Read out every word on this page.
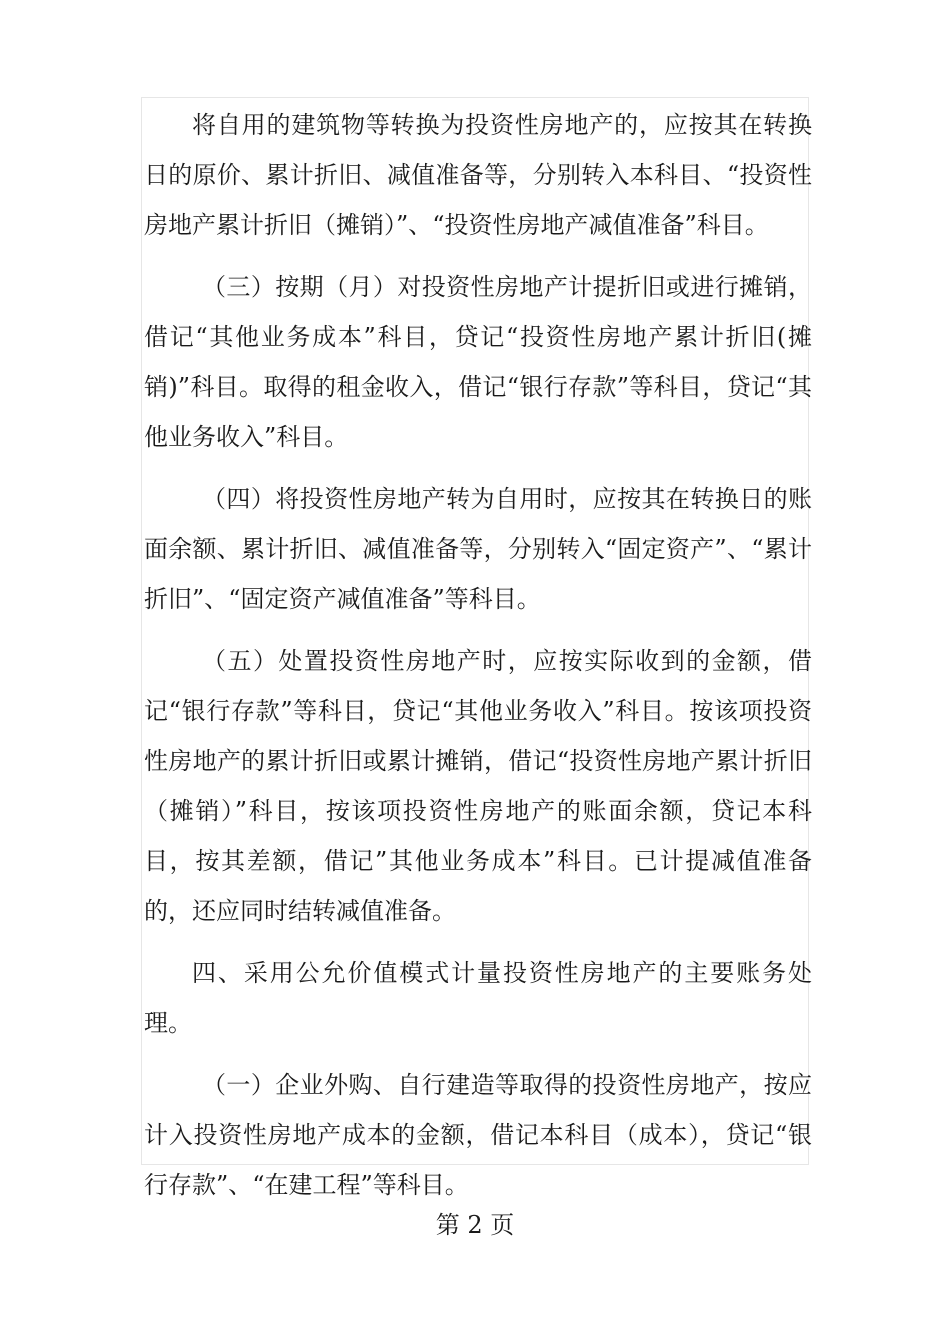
将自用的建筑物等转换为投资性房地产的，应按其在转换日的原价、累计折旧、减值准备等，分别转入本科目、“投资性房地产累计折旧（摊销）”、“投资性房地产减值准备”科目。

（三）按期（月）对投资性房地产计提折旧或进行摊销，借记“其他业务成本”科目，贷记“投资性房地产累计折旧(摊销)”科目。取得的租金收入，借记“银行存款”等科目，贷记“其他业务收入”科目。

（四）将投资性房地产转为自用时，应按其在转换日的账面余额、累计折旧、减值准备等，分别转入“固定资产”、“累计折旧”、“固定资产减值准备”等科目。

（五）处置投资性房地产时，应按实际收到的金额，借记“银行存款”等科目，贷记“其他业务收入”科目。按该项投资性房地产的累计折旧或累计摊销，借记“投资性房地产累计折旧（摊销）”科目，按该项投资性房地产的账面余额，贷记本科目，按其差额，借记”其他业务成本”科目。已计提减值准备的，还应同时结转减值准备。

四、采用公允价值模式计量投资性房地产的主要账务处理。

（一）企业外购、自行建造等取得的投资性房地产，按应计入投资性房地产成本的金额，借记本科目（成本），贷记“银行存款”、“在建工程”等科目。

第 2 页
